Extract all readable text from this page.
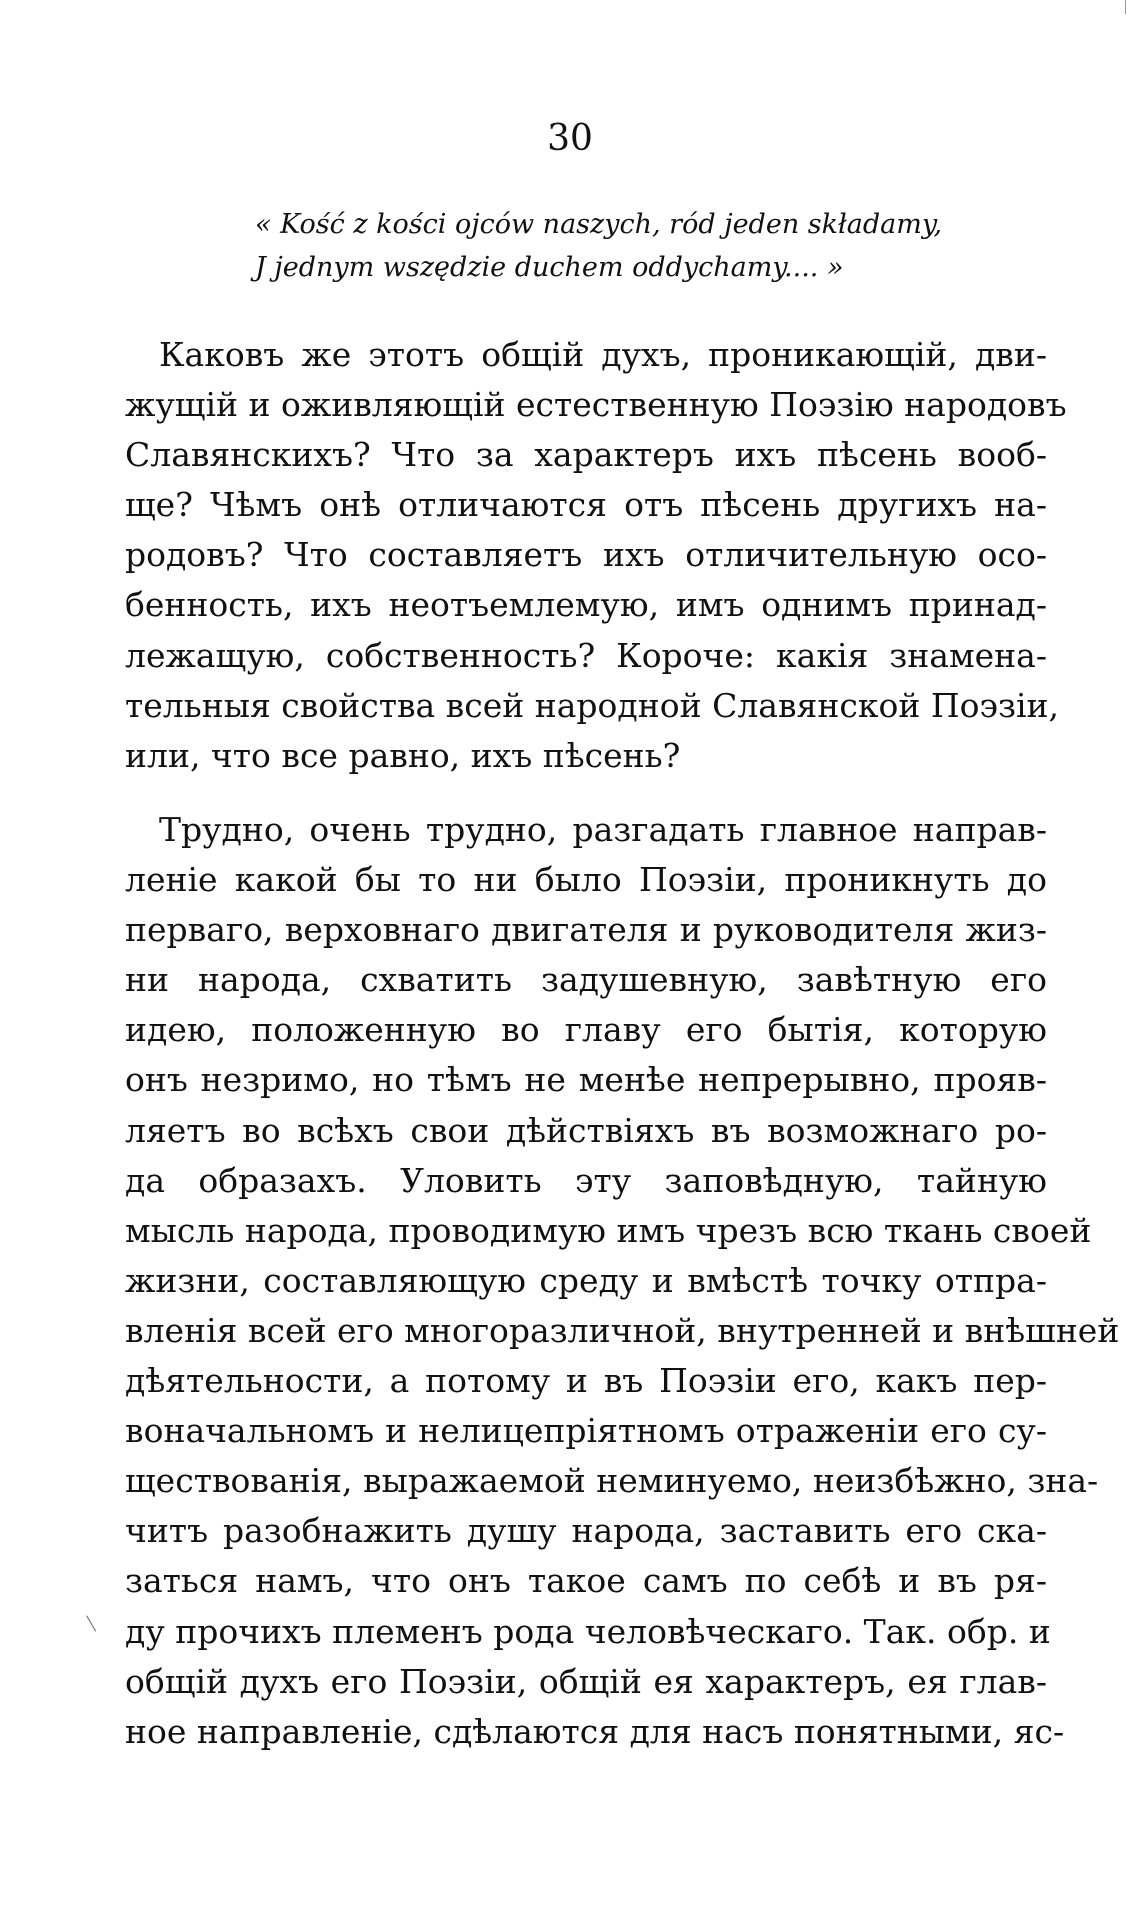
30
« Kość z kości ojców naszych, ród jeden składamy,
J jednym wszędzie duchem oddychamy.... »
Каковъ же этотъ общій духъ, проникающій, дви-
жущій и оживляющій естественную Поэзію народовъ
Славянскихъ? Что за характеръ ихъ пѣсень вооб-
ще? Чѣмъ онѣ отличаются отъ пѣсень другихъ на-
родовъ? Что составляетъ ихъ отличительную осо-
бенность, ихъ неотъемлемую, имъ однимъ принад-
лежащую, собственность? Короче: какія знамена-
тельныя свойства всей народной Славянской Поэзіи,
или, что все равно, ихъ пѣсень?
Трудно, очень трудно, разгадать главное направ-
леніе какой бы то ни было Поэзіи, проникнуть до
перваго, верховнаго двигателя и руководителя жиз-
ни народа, схватить задушевную, завѣтную его
идею, положенную во главу его бытія, которую
онъ незримо, но тѣмъ не менѣе непрерывно, прояв-
ляетъ во всѣхъ свои дѣйствіяхъ въ возможнаго ро-
да образахъ. Уловить эту заповѣдную, тайную
мысль народа, проводимую имъ чрезъ всю ткань своей
жизни, составляющую среду и вмѣстѣ точку отпра-
вленія всей его многоразличной, внутренней и внѣшней
дѣятельности, а потому и въ Поэзіи его, какъ пер-
воначальномъ и нелицепріятномъ отраженіи его су-
ществованія, выражаемой неминуемо, неизбѣжно, зна-
читъ разобнажить душу народа, заставить его ска-
заться намъ, что онъ такое самъ по себѣ и въ ря-
ду прочихъ племенъ рода человѣческаго. Так. обр. и
общій духъ его Поэзіи, общій ея характеръ, ея глав-
ное направленіе, сдѣлаются для насъ понятными, яс-
